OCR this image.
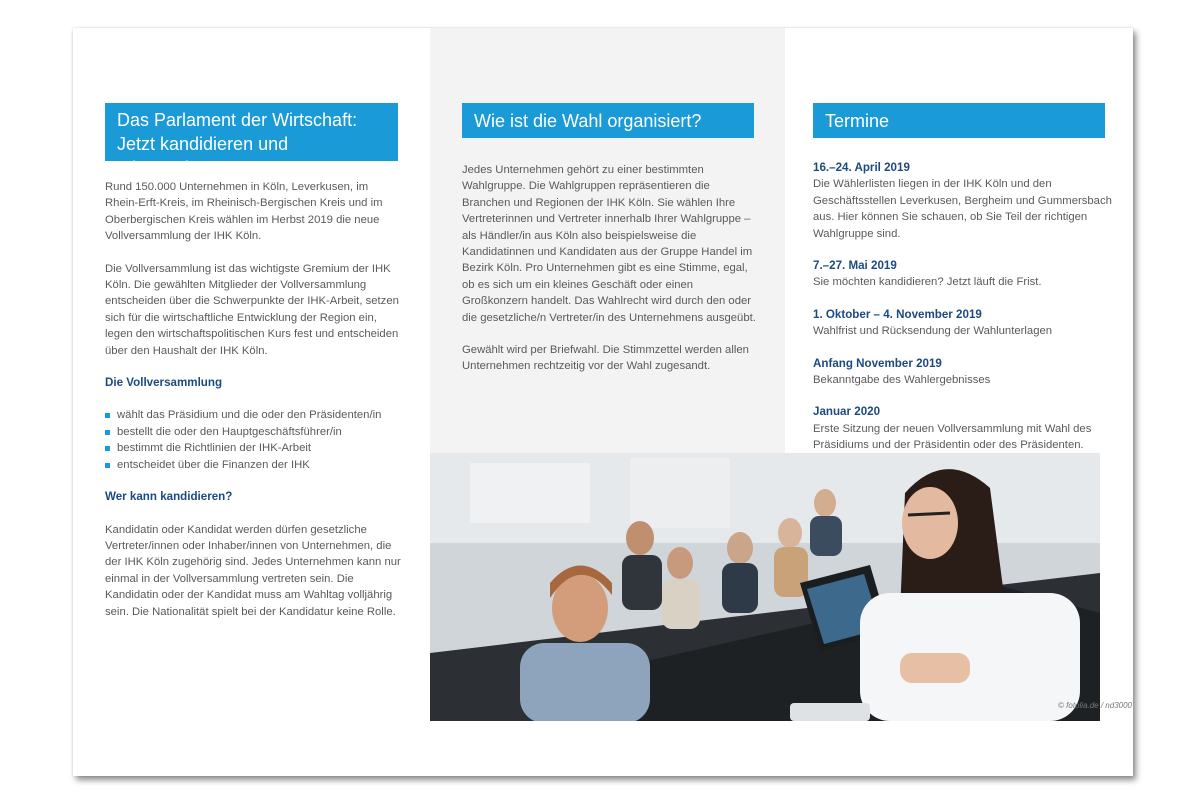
Das Parlament der Wirtschaft:
Jetzt kandidieren und mitgestalten!
Wie ist die Wahl organisiert?	Termine

Rund 150.000 Unternehmen in Köln, Leverkusen, im Rhein-Erft-Kreis, im Rheinisch-Bergischen Kreis und im Oberbergischen Kreis wählen im Herbst 2019 die neue Vollversammlung der IHK Köln.

Die Vollversammlung ist das wichtigste Gremium der IHK Köln. Die gewählten Mitglieder der Vollversammlung entscheiden über die Schwerpunkte der IHK-Arbeit, setzen sich für die wirtschaftliche Entwicklung der Region ein, legen den wirtschaftspolitischen Kurs fest und entscheiden über den Haushalt der IHK Köln.

Die Vollversammlung
wählt das Präsidium und die oder den Präsidenten/in
bestellt die oder den Hauptgeschäftsführer/in
bestimmt die Richtlinien der IHK-Arbeit
entscheidet über die Finanzen der IHK
Wer kann kandidieren?

Kandidatin oder Kandidat werden dürfen gesetzliche Vertreter/innen oder Inhaber/innen von Unternehmen, die der IHK Köln zugehörig sind. Jedes Unternehmen kann nur einmal in der Vollversammlung vertreten sein. Die Kandidatin oder der Kandidat muss am Wahltag volljährig sein. Die Nationalität spielt bei der Kandidatur keine Rolle.

Jedes Unternehmen gehört zu einer bestimmten Wahlgruppe. Die Wahlgruppen repräsentieren die Branchen und Regionen der IHK Köln. Sie wählen Ihre Vertreterinnen und Vertreter innerhalb Ihrer Wahlgruppe – als Händler/in aus Köln also beispielsweise die Kandidatinnen und Kandidaten aus der Gruppe Handel im Bezirk Köln. Pro Unternehmen gibt es eine Stimme, egal, ob es sich um ein kleines Geschäft oder einen Großkonzern handelt. Das Wahlrecht wird durch den oder die gesetzliche/n Vertreter/in des Unternehmens ausgeübt.

Gewählt wird per Briefwahl. Die Stimmzettel werden allen Unternehmen rechtzeitig vor der Wahl zugesandt.

16.–24. April 2019
Die Wählerlisten liegen in der IHK Köln und den Geschäftsstellen Leverkusen, Bergheim und Gummersbach aus. Hier können Sie schauen, ob Sie Teil der richtigen Wahlgruppe sind.
7.–27. Mai 2019
Sie möchten kandidieren? Jetzt läuft die Frist.
1. Oktober – 4. November 2019
Wahlfrist und Rücksendung der Wahlunterlagen
Anfang November 2019
Bekanntgabe des Wahlergebnisses
Januar 2020
Erste Sitzung der neuen Vollversammlung mit Wahl des Präsidiums und der Präsidentin oder des Präsidenten.
© fotolia.de / nd3000
